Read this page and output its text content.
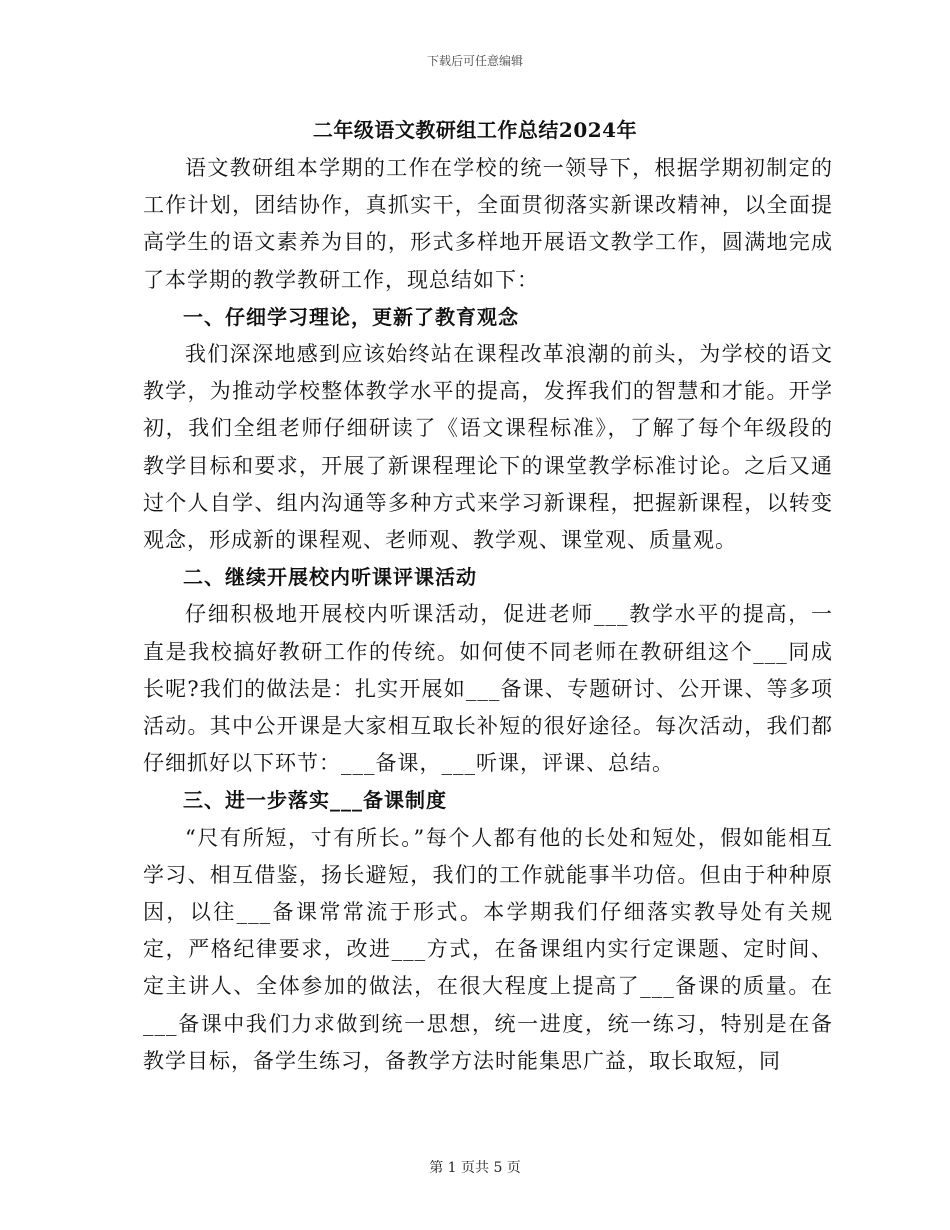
下载后可任意编辑
二年级语文教研组工作总结2024年

语文教研组本学期的工作在学校的统一领导下，根据学期初制定的工作计划，团结协作，真抓实干，全面贯彻落实新课改精神，以全面提高学生的语文素养为目的，形式多样地开展语文教学工作，圆满地完成了本学期的教学教研工作，现总结如下：

一、仔细学习理论，更新了教育观念

我们深深地感到应该始终站在课程改革浪潮的前头，为学校的语文教学，为推动学校整体教学水平的提高，发挥我们的智慧和才能。开学初，我们全组老师仔细研读了《语文课程标准》，了解了每个年级段的教学目标和要求，开展了新课程理论下的课堂教学标准讨论。之后又通过个人自学、组内沟通等多种方式来学习新课程，把握新课程，以转变观念，形成新的课程观、老师观、教学观、课堂观、质量观。

二、继续开展校内听课评课活动

仔细积极地开展校内听课活动，促进老师___教学水平的提高，一直是我校搞好教研工作的传统。如何使不同老师在教研组这个___同成长呢?我们的做法是：扎实开展如___备课、专题研讨、公开课、等多项活动。其中公开课是大家相互取长补短的很好途径。每次活动，我们都仔细抓好以下环节：___备课，___听课，评课、总结。

三、进一步落实___备课制度

“尺有所短，寸有所长。”每个人都有他的长处和短处，假如能相互学习、相互借鉴，扬长避短，我们的工作就能事半功倍。但由于种种原因，以往___备课常常流于形式。本学期我们仔细落实教导处有关规定，严格纪律要求，改进___方式，在备课组内实行定课题、定时间、定主讲人、全体参加的做法，在很大程度上提高了___备课的质量。在___备课中我们力求做到统一思想，统一进度，统一练习，特别是在备教学目标，备学生练习，备教学方法时能集思广益，取长取短，同

第 1 页共 5 页
